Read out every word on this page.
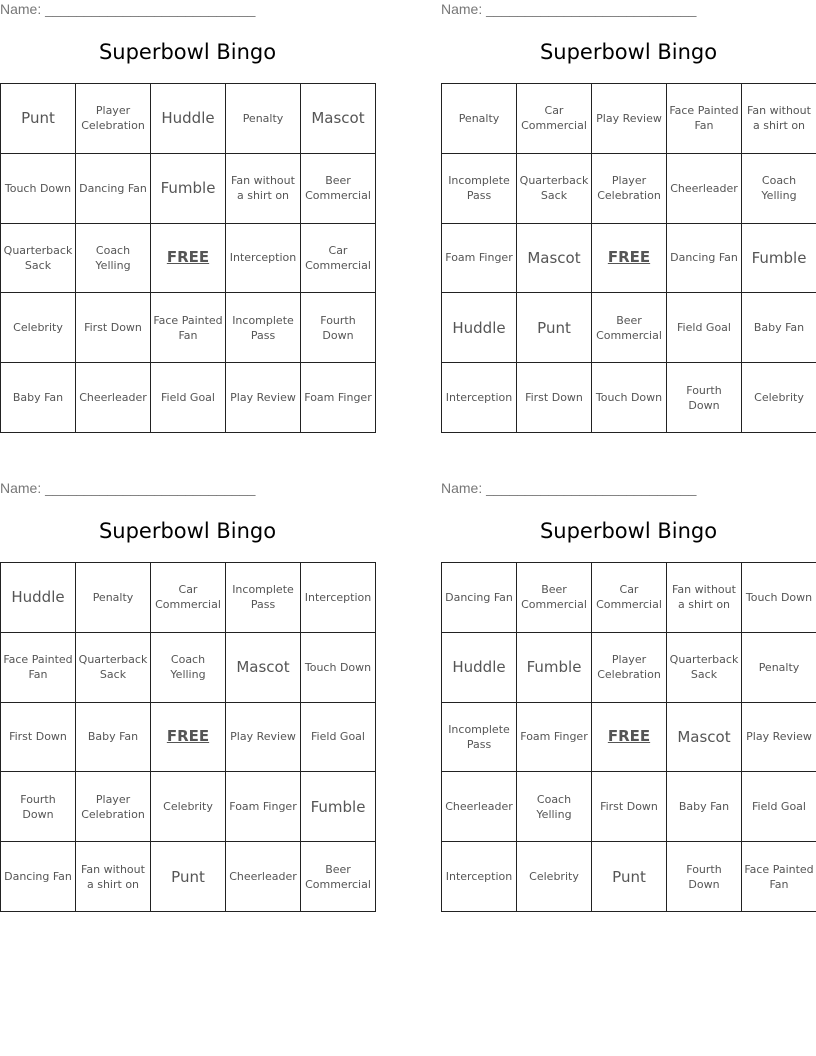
Name: ___________________________
Superbowl Bingo
Punt	Player Celebration	Huddle	Penalty	Mascot
Touch Down	Dancing Fan	Fumble	Fan without a shirt on	Beer Commercial
Quarterback Sack	Coach Yelling	FREE	Interception	Car Commercial
Celebrity	First Down	Face Painted Fan	Incomplete Pass	Fourth Down
Baby Fan	Cheerleader	Field Goal	Play Review	Foam Finger
Name: ___________________________
Superbowl Bingo
Penalty	Car Commercial	Play Review	Face Painted Fan	Fan without a shirt on
Incomplete Pass	Quarterback Sack	Player Celebration	Cheerleader	Coach Yelling
Foam Finger	Mascot	FREE	Dancing Fan	Fumble
Huddle	Punt	Beer Commercial	Field Goal	Baby Fan
Interception	First Down	Touch Down	Fourth Down	Celebrity
Name: ___________________________
Superbowl Bingo
Huddle	Penalty	Car Commercial	Incomplete Pass	Interception
Face Painted Fan	Quarterback Sack	Coach Yelling	Mascot	Touch Down
First Down	Baby Fan	FREE	Play Review	Field Goal
Fourth Down	Player Celebration	Celebrity	Foam Finger	Fumble
Dancing Fan	Fan without a shirt on	Punt	Cheerleader	Beer Commercial
Name: ___________________________
Superbowl Bingo
Dancing Fan	Beer Commercial	Car Commercial	Fan without a shirt on	Touch Down
Huddle	Fumble	Player Celebration	Quarterback Sack	Penalty
Incomplete Pass	Foam Finger	FREE	Mascot	Play Review
Cheerleader	Coach Yelling	First Down	Baby Fan	Field Goal
Interception	Celebrity	Punt	Fourth Down	Face Painted Fan
